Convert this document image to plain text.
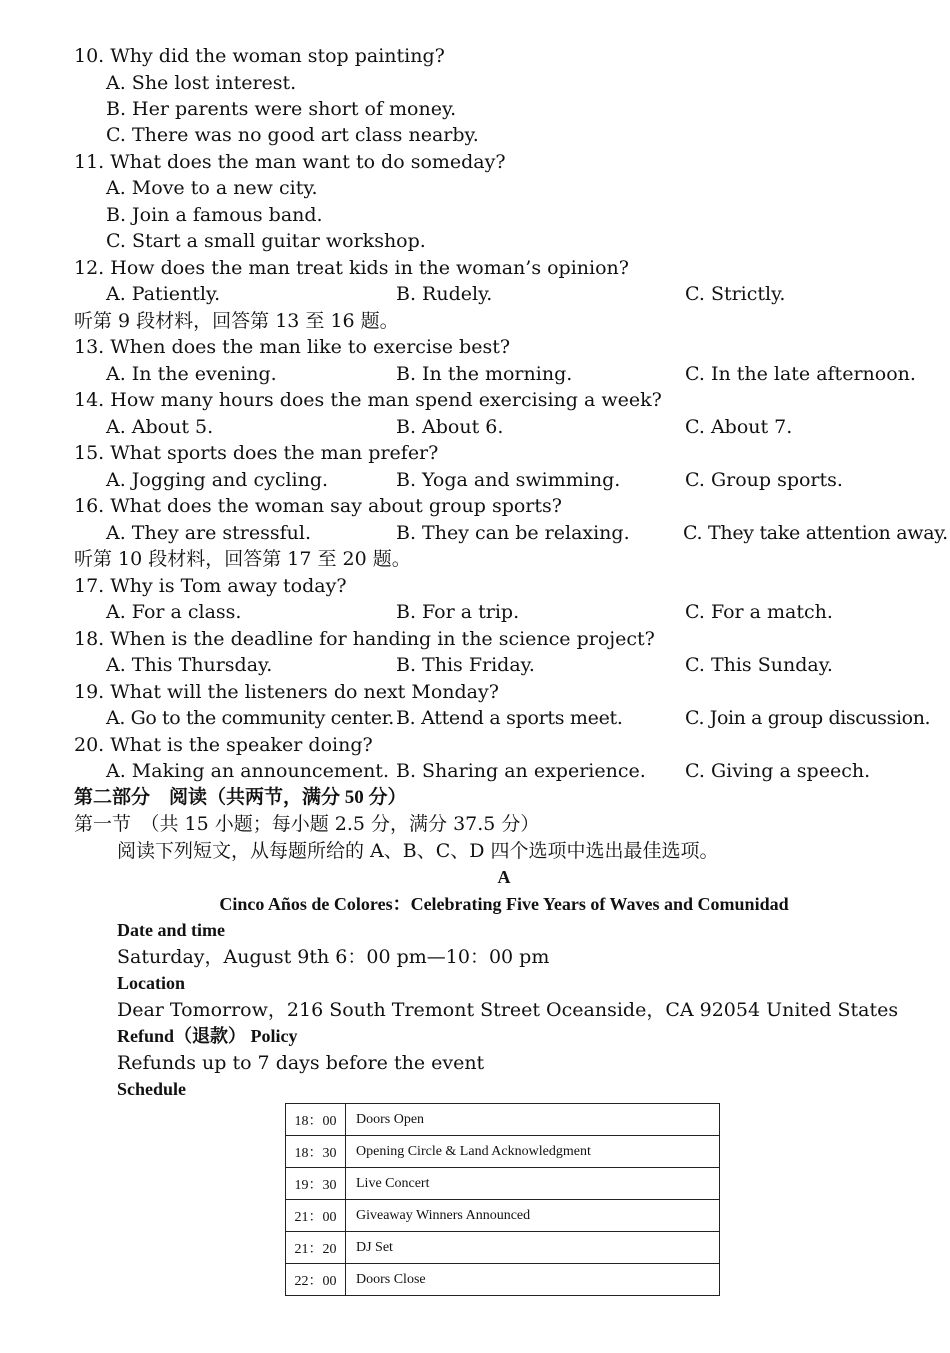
10. Why did the woman stop painting?
A. She lost interest.
B. Her parents were short of money.
C. There was no good art class nearby.
11. What does the man want to do someday?
A. Move to a new city.
B. Join a famous band.
C. Start a small guitar workshop.
12. How does the man treat kids in the woman’s opinion?
A. Patiently.	B. Rudely.	C. Strictly.
听第 9 段材料，回答第 13 至 16 题。
13. When does the man like to exercise best?
A. In the evening.	B. In the morning.	C. In the late afternoon.
14. How many hours does the man spend exercising a week?
A. About 5.	B. About 6.	C. About 7.
15. What sports does the man prefer?
A. Jogging and cycling.	B. Yoga and swimming.	C. Group sports.
16. What does the woman say about group sports?
A. They are stressful.	B. They can be relaxing.	C. They take attention away.
听第 10 段材料，回答第 17 至 20 题。
17. Why is Tom away today?
A. For a class.	B. For a trip.	C. For a match.
18. When is the deadline for handing in the science project?
A. This Thursday.	B. This Friday.	C. This Sunday.
19. What will the listeners do next Monday?
A. Go to the community center. B. Attend a sports meet.	C. Join a group discussion.
20. What is the speaker doing?
A. Making an announcement. B. Sharing an experience. C. Giving a speech.
第二部分　阅读（共两节，满分 50 分）
第一节　（共 15 小题；每小题 2.5 分，满分 37.5 分）
阅读下列短文，从每题所给的 A、B、C、D 四个选项中选出最佳选项。
A
Cinco Años de Colores：Celebrating Five Years of Waves and Comunidad
Date and time
Saturday，August 9th 6：00 pm—10：00 pm
Location
Dear Tomorrow，216 South Tremont Street Oceanside，CA 92054 United States
Refund（退款） Policy
Refunds up to 7 days before the event
Schedule
18：00	Doors Open
18：30	Opening Circle & Land Acknowledgment
19：30	Live Concert
21：00	Giveaway Winners Announced
21：20	DJ Set
22：00	Doors Close
